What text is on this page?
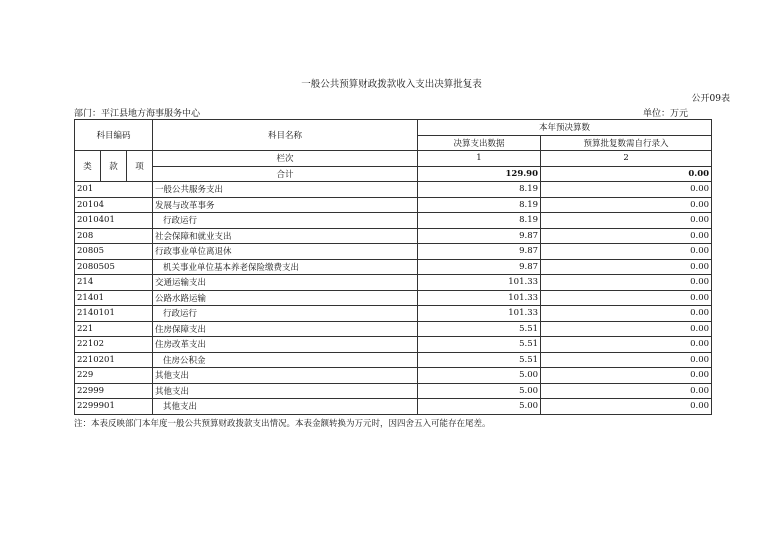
一般公共预算财政拨款收入支出决算批复表
公开09表
部门：平江县地方海事服务中心	单位：万元
科目编码			科目名称	本年预决算数	
				决算支出数据	预算批复数需自行录入
类	款	项	栏次	1	2
			合计	129.90	0.00
201			一般公共服务支出	8.19	0.00
20104			发展与改革事务	8.19	0.00
2010401			行政运行	8.19	0.00
208			社会保障和就业支出	9.87	0.00
20805			行政事业单位离退休	9.87	0.00
2080505			机关事业单位基本养老保险缴费支出	9.87	0.00
214			交通运输支出	101.33	0.00
21401			公路水路运输	101.33	0.00
2140101			行政运行	101.33	0.00
221			住房保障支出	5.51	0.00
22102			住房改革支出	5.51	0.00
2210201			住房公积金	5.51	0.00
229			其他支出	5.00	0.00
22999			其他支出	5.00	0.00
2299901			其他支出	5.00	0.00
注：本表反映部门本年度一般公共预算财政拨款支出情况。本表金额转换为万元时，因四舍五入可能存在尾差。
